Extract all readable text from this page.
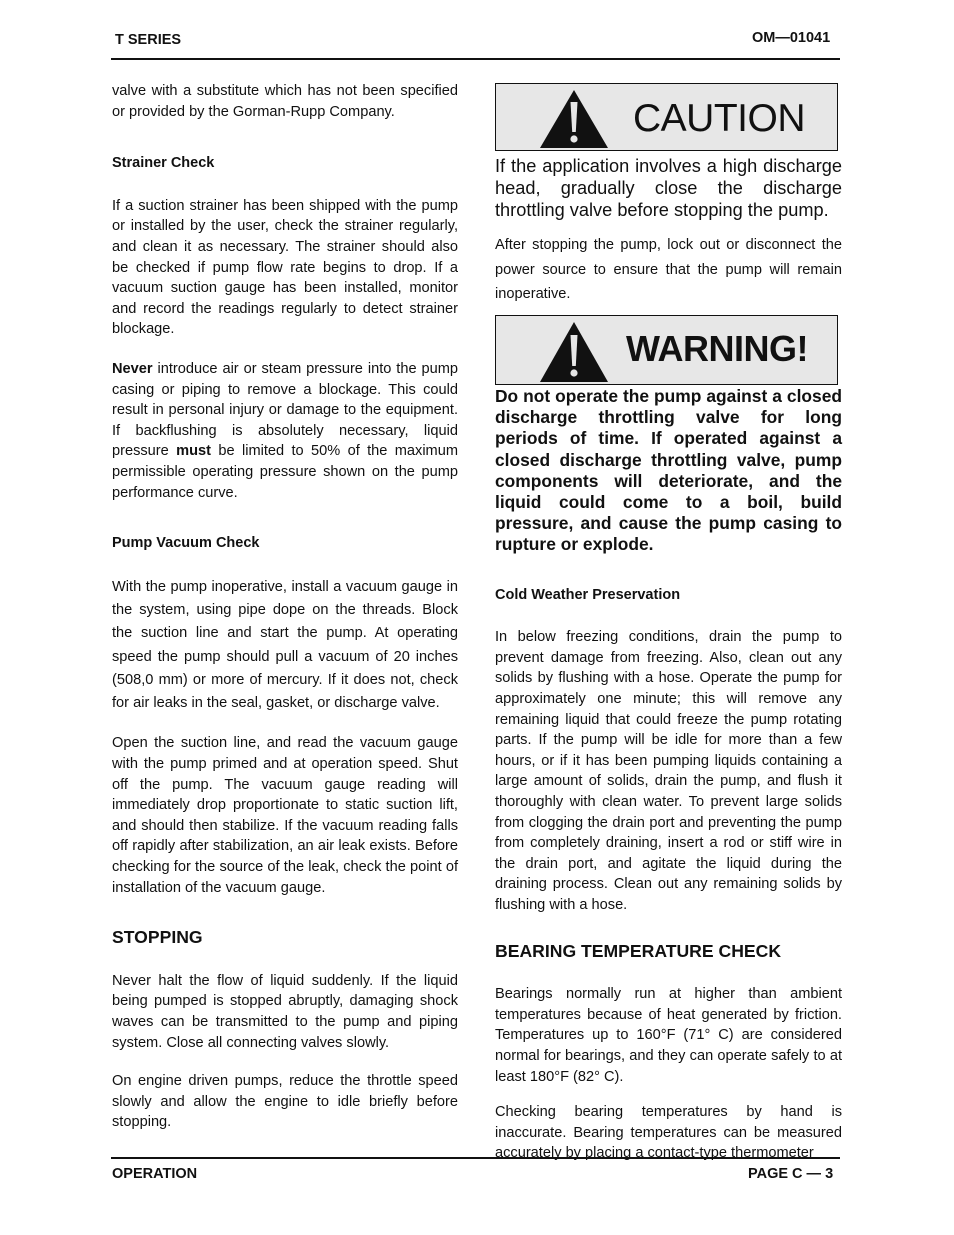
T SERIES	OM—01041

valve with a substitute which has not been specified or provided by the Gorman-Rupp Company.

Strainer Check

If a suction strainer has been shipped with the pump or installed by the user, check the strainer regularly, and clean it as necessary. The strainer should also be checked if pump flow rate begins to drop. If a vacuum suction gauge has been installed, monitor and record the readings regularly to detect strainer blockage.

Never introduce air or steam pressure into the pump casing or piping to remove a blockage. This could result in personal injury or damage to the equipment. If backflushing is absolutely necessary, liquid pressure must be limited to 50% of the maximum permissible operating pressure shown on the pump performance curve.

Pump Vacuum Check

With the pump inoperative, install a vacuum gauge in the system, using pipe dope on the threads. Block the suction line and start the pump. At operating speed the pump should pull a vacuum of 20 inches (508,0 mm) or more of mercury. If it does not, check for air leaks in the seal, gasket, or discharge valve.

Open the suction line, and read the vacuum gauge with the pump primed and at operation speed. Shut off the pump. The vacuum gauge reading will immediately drop proportionate to static suction lift, and should then stabilize. If the vacuum reading falls off rapidly after stabilization, an air leak exists. Before checking for the source of the leak, check the point of installation of the vacuum gauge.

STOPPING

Never halt the flow of liquid suddenly. If the liquid being pumped is stopped abruptly, damaging shock waves can be transmitted to the pump and piping system. Close all connecting valves slowly.

On engine driven pumps, reduce the throttle speed slowly and allow the engine to idle briefly before stopping.

CAUTION

If the application involves a high discharge head, gradually close the discharge throttling valve before stopping the pump.

After stopping the pump, lock out or disconnect the power source to ensure that the pump will remain inoperative.

WARNING!

Do not operate the pump against a closed discharge throttling valve for long periods of time. If operated against a closed discharge throttling valve, pump components will deteriorate, and the liquid could come to a boil, build pressure, and cause the pump casing to rupture or explode.

Cold Weather Preservation

In below freezing conditions, drain the pump to prevent damage from freezing. Also, clean out any solids by flushing with a hose. Operate the pump for approximately one minute; this will remove any remaining liquid that could freeze the pump rotating parts. If the pump will be idle for more than a few hours, or if it has been pumping liquids containing a large amount of solids, drain the pump, and flush it thoroughly with clean water. To prevent large solids from clogging the drain port and preventing the pump from completely draining, insert a rod or stiff wire in the drain port, and agitate the liquid during the draining process. Clean out any remaining solids by flushing with a hose.

BEARING TEMPERATURE CHECK

Bearings normally run at higher than ambient temperatures because of heat generated by friction. Temperatures up to 160°F (71° C) are considered normal for bearings, and they can operate safely to at least 180°F (82° C).

Checking bearing temperatures by hand is inaccurate. Bearing temperatures can be measured accurately by placing a contact-type thermometer

OPERATION	PAGE C — 3
